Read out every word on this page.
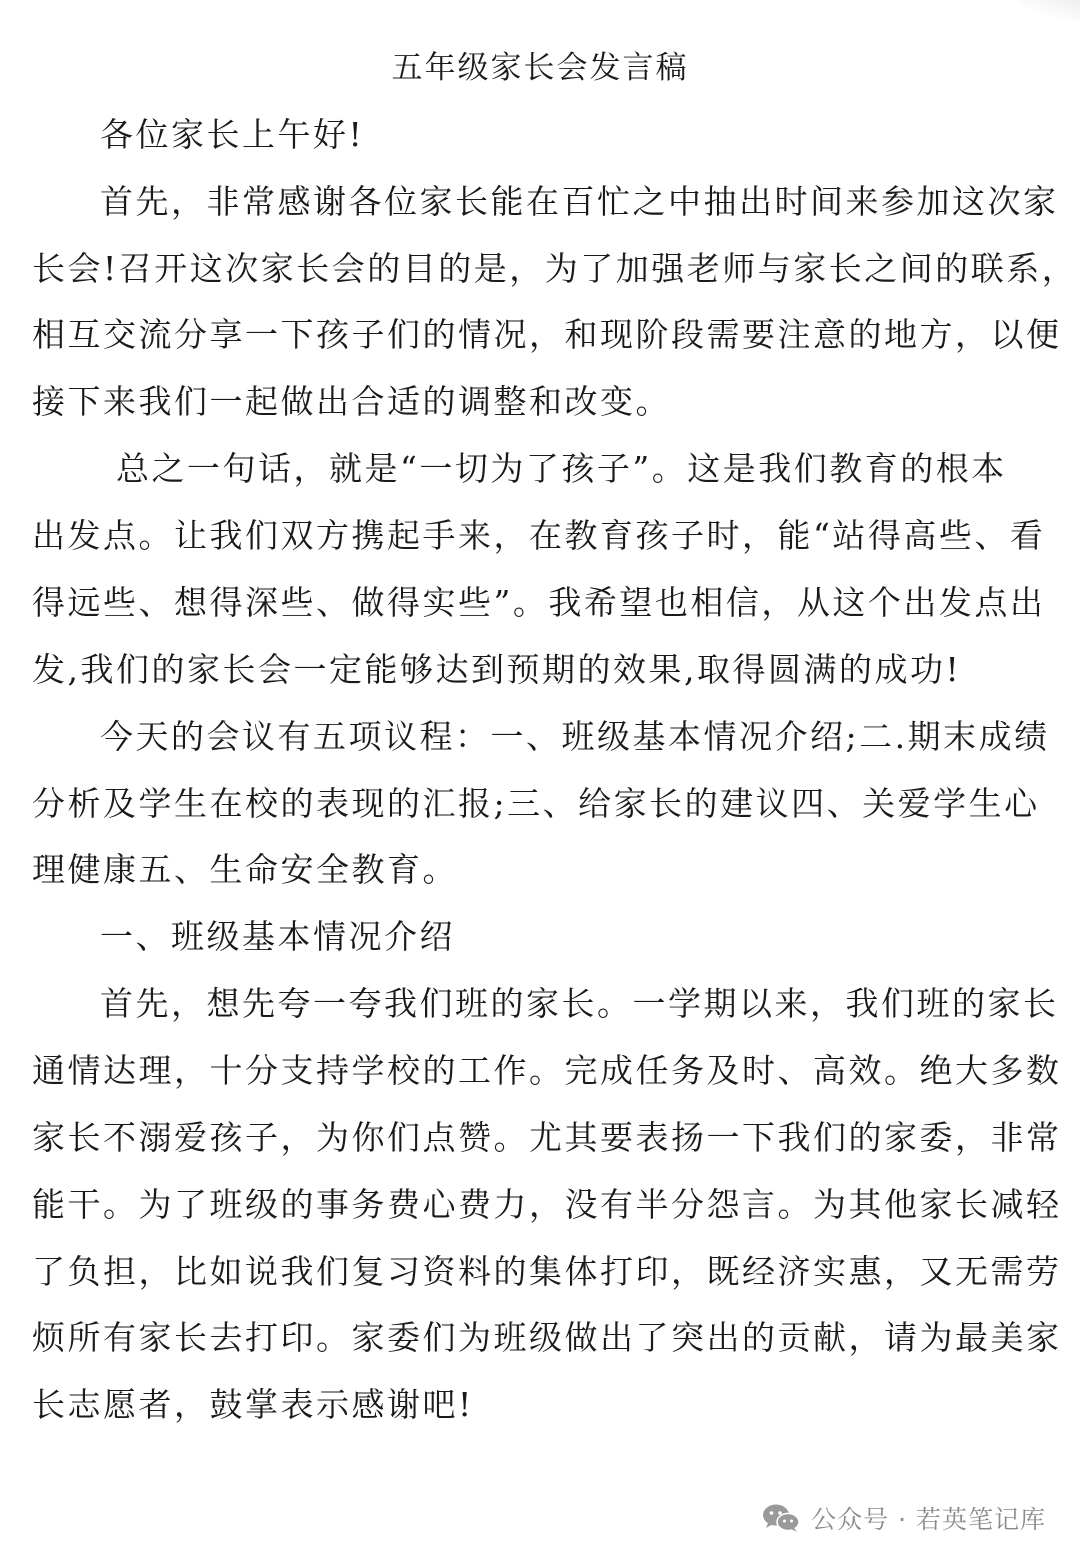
五年级家长会发言稿
各位家长上午好!
首先，非常感谢各位家长能在百忙之中抽出时间来参加这次家
长会!召开这次家长会的目的是，为了加强老师与家长之间的联系，
相互交流分享一下孩子们的情况，和现阶段需要注意的地方，以便
接下来我们一起做出合适的调整和改变。
总之一句话，就是“一切为了孩子”。这是我们教育的根本
出发点。让我们双方携起手来，在教育孩子时，能“站得高些、看
得远些、想得深些、做得实些”。我希望也相信，从这个出发点出
发,我们的家长会一定能够达到预期的效果,取得圆满的成功!
今天的会议有五项议程：一、班级基本情况介绍;二.期末成绩
分析及学生在校的表现的汇报;三、给家长的建议四、关爱学生心
理健康五、生命安全教育。
一、班级基本情况介绍
首先，想先夸一夸我们班的家长。一学期以来，我们班的家长
通情达理，十分支持学校的工作。完成任务及时、高效。绝大多数
家长不溺爱孩子，为你们点赞。尤其要表扬一下我们的家委，非常
能干。为了班级的事务费心费力，没有半分怨言。为其他家长减轻
了负担，比如说我们复习资料的集体打印，既经济实惠，又无需劳
烦所有家长去打印。家委们为班级做出了突出的贡献，请为最美家
长志愿者，鼓掌表示感谢吧!
公众号 · 若英笔记库
